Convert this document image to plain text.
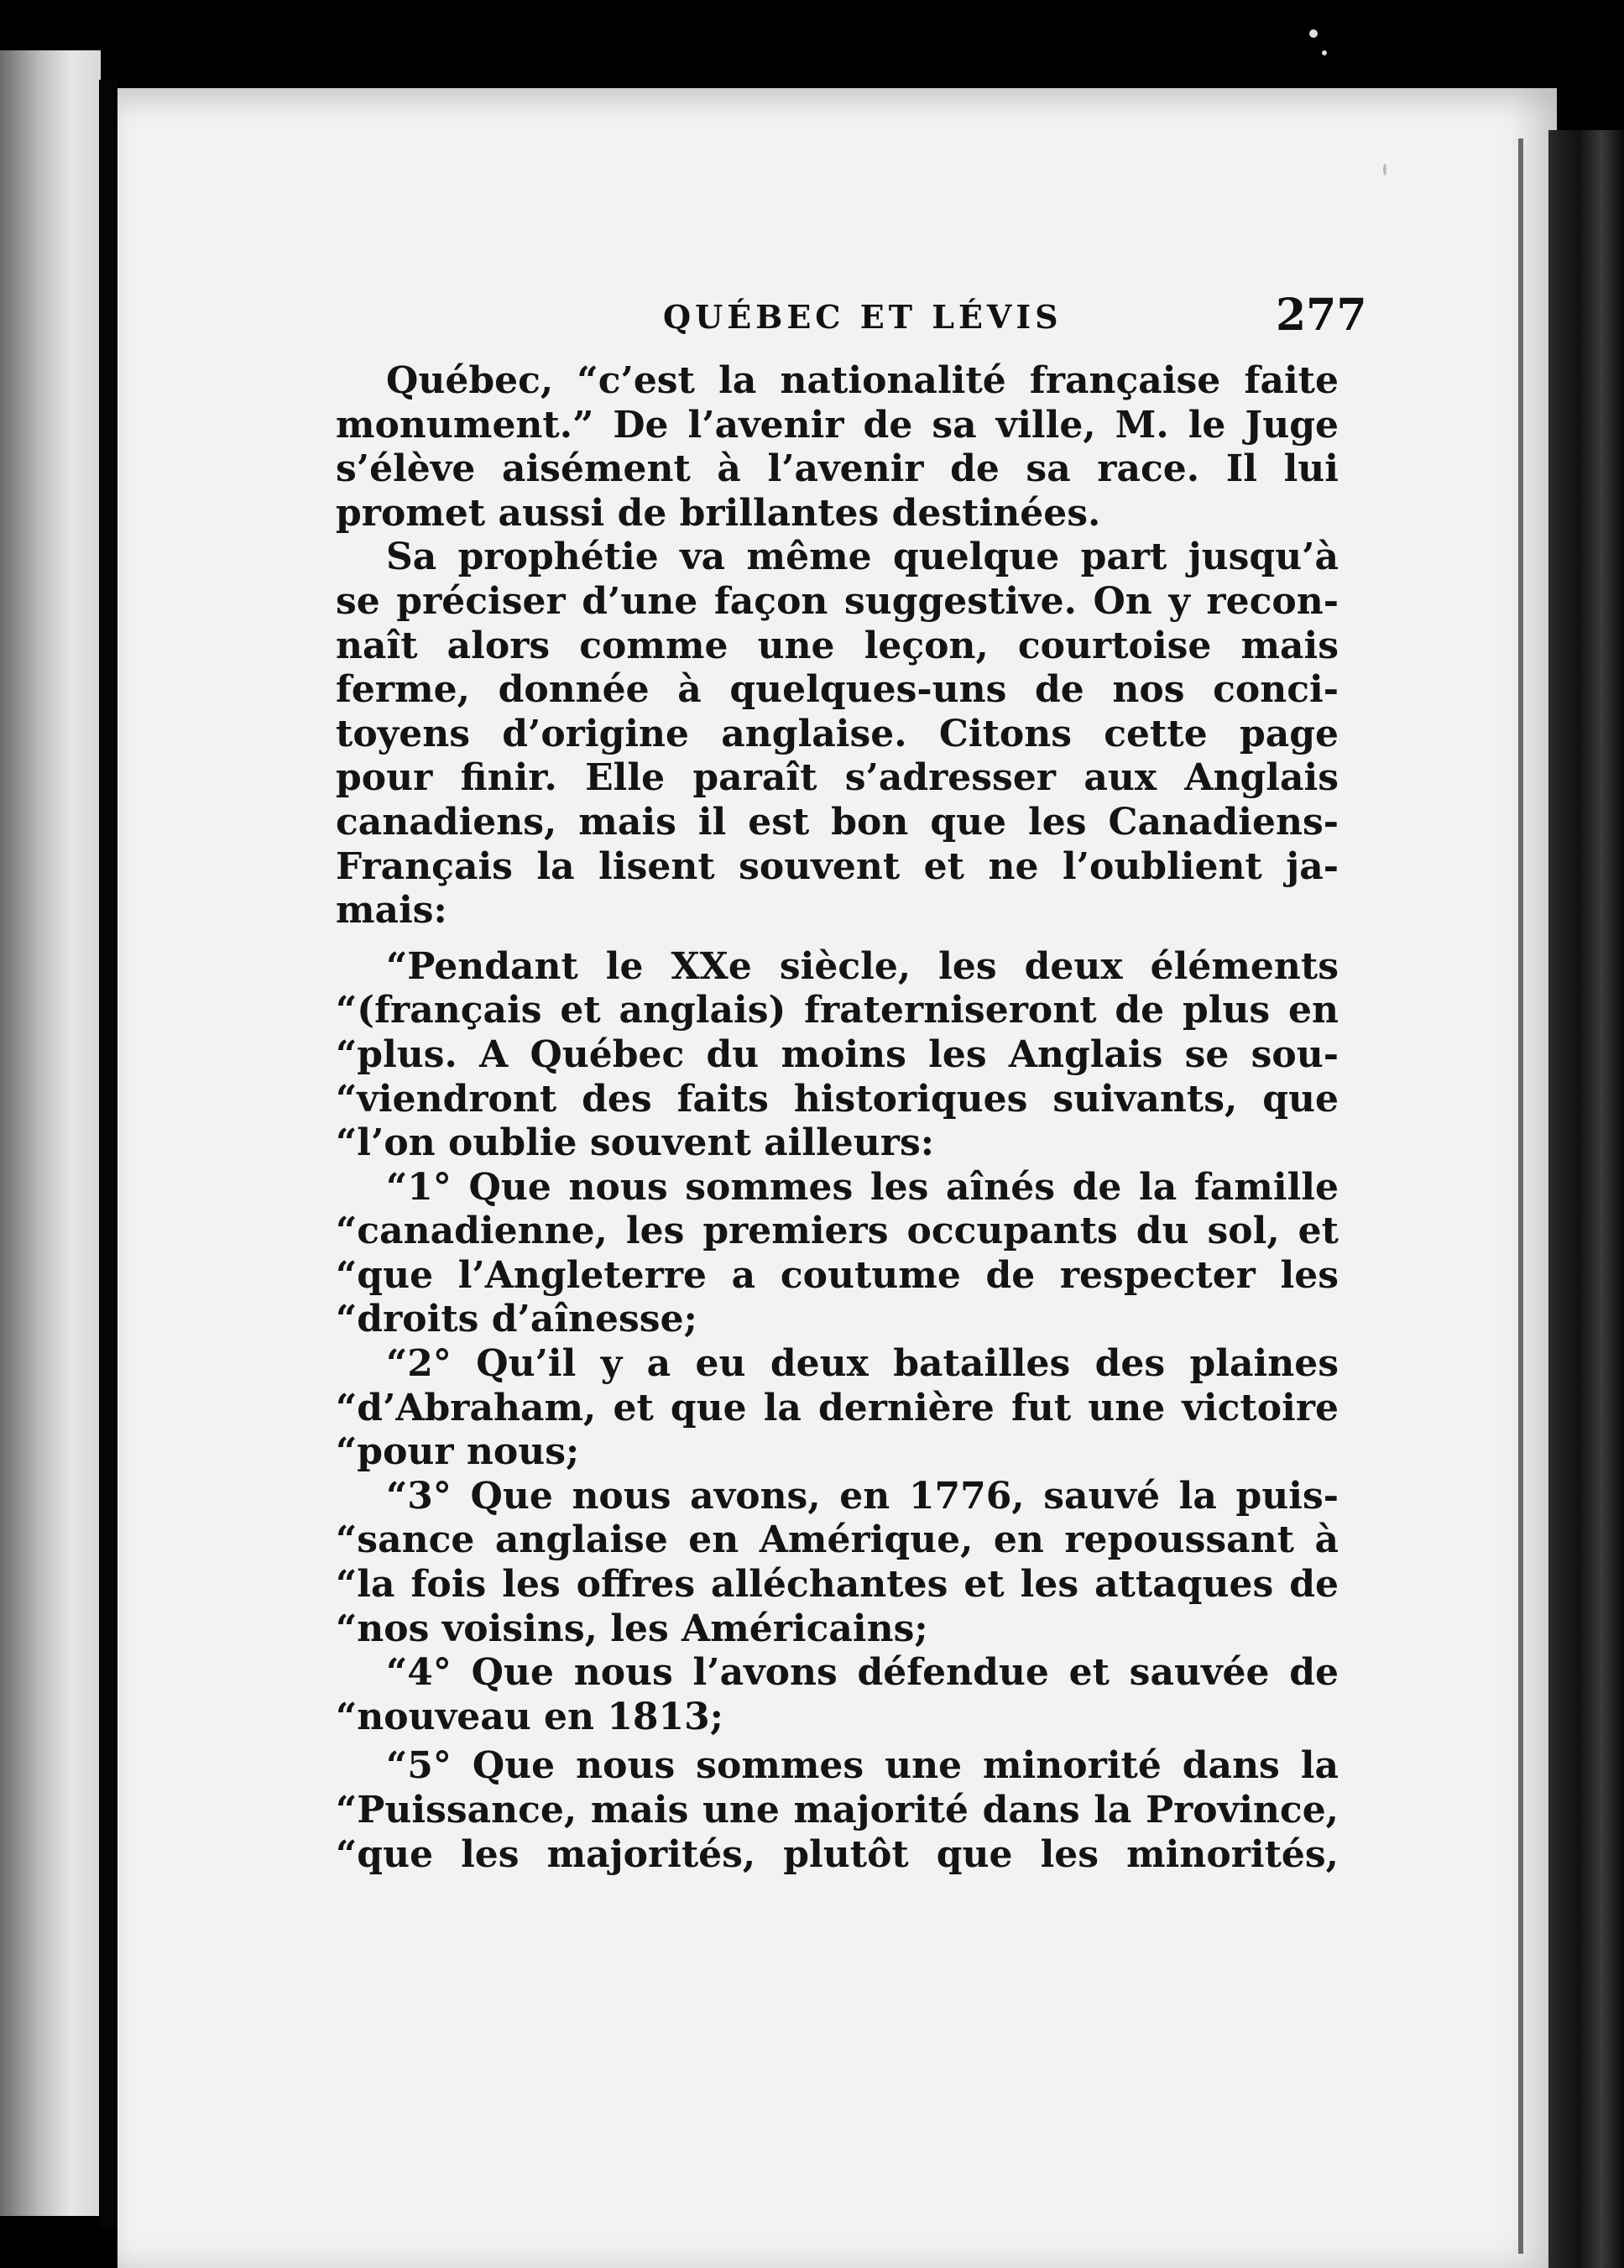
QUÉBEC ET LÉVIS	277

Québec, “c’est la nationalité française faite

monument.” De l’avenir de sa ville, M. le Juge

s’élève aisément à l’avenir de sa race. Il lui

promet aussi de brillantes destinées.

Sa prophétie va même quelque part jusqu’à

se préciser d’une façon suggestive. On y recon-

naît alors comme une leçon, courtoise mais

ferme, donnée à quelques-uns de nos conci-

toyens d’origine anglaise. Citons cette page

pour finir. Elle paraît s’adresser aux Anglais

canadiens, mais il est bon que les Canadiens-

Français la lisent souvent et ne l’oublient ja-

mais:

“Pendant le XXe siècle, les deux éléments

“(français et anglais) fraterniseront de plus en

“plus. A Québec du moins les Anglais se sou-

“viendront des faits historiques suivants, que

“l’on oublie souvent ailleurs:

“1° Que nous sommes les aînés de la famille

“canadienne, les premiers occupants du sol, et

“que l’Angleterre a coutume de respecter les

“droits d’aînesse;

“2° Qu’il y a eu deux batailles des plaines

“d’Abraham, et que la dernière fut une victoire

“pour nous;

“3° Que nous avons, en 1776, sauvé la puis-

“sance anglaise en Amérique, en repoussant à

“la fois les offres alléchantes et les attaques de

“nos voisins, les Américains;

“4° Que nous l’avons défendue et sauvée de

“nouveau en 1813;

“5° Que nous sommes une minorité dans la

“Puissance, mais une majorité dans la Province,

“que les majorités, plutôt que les minorités,
